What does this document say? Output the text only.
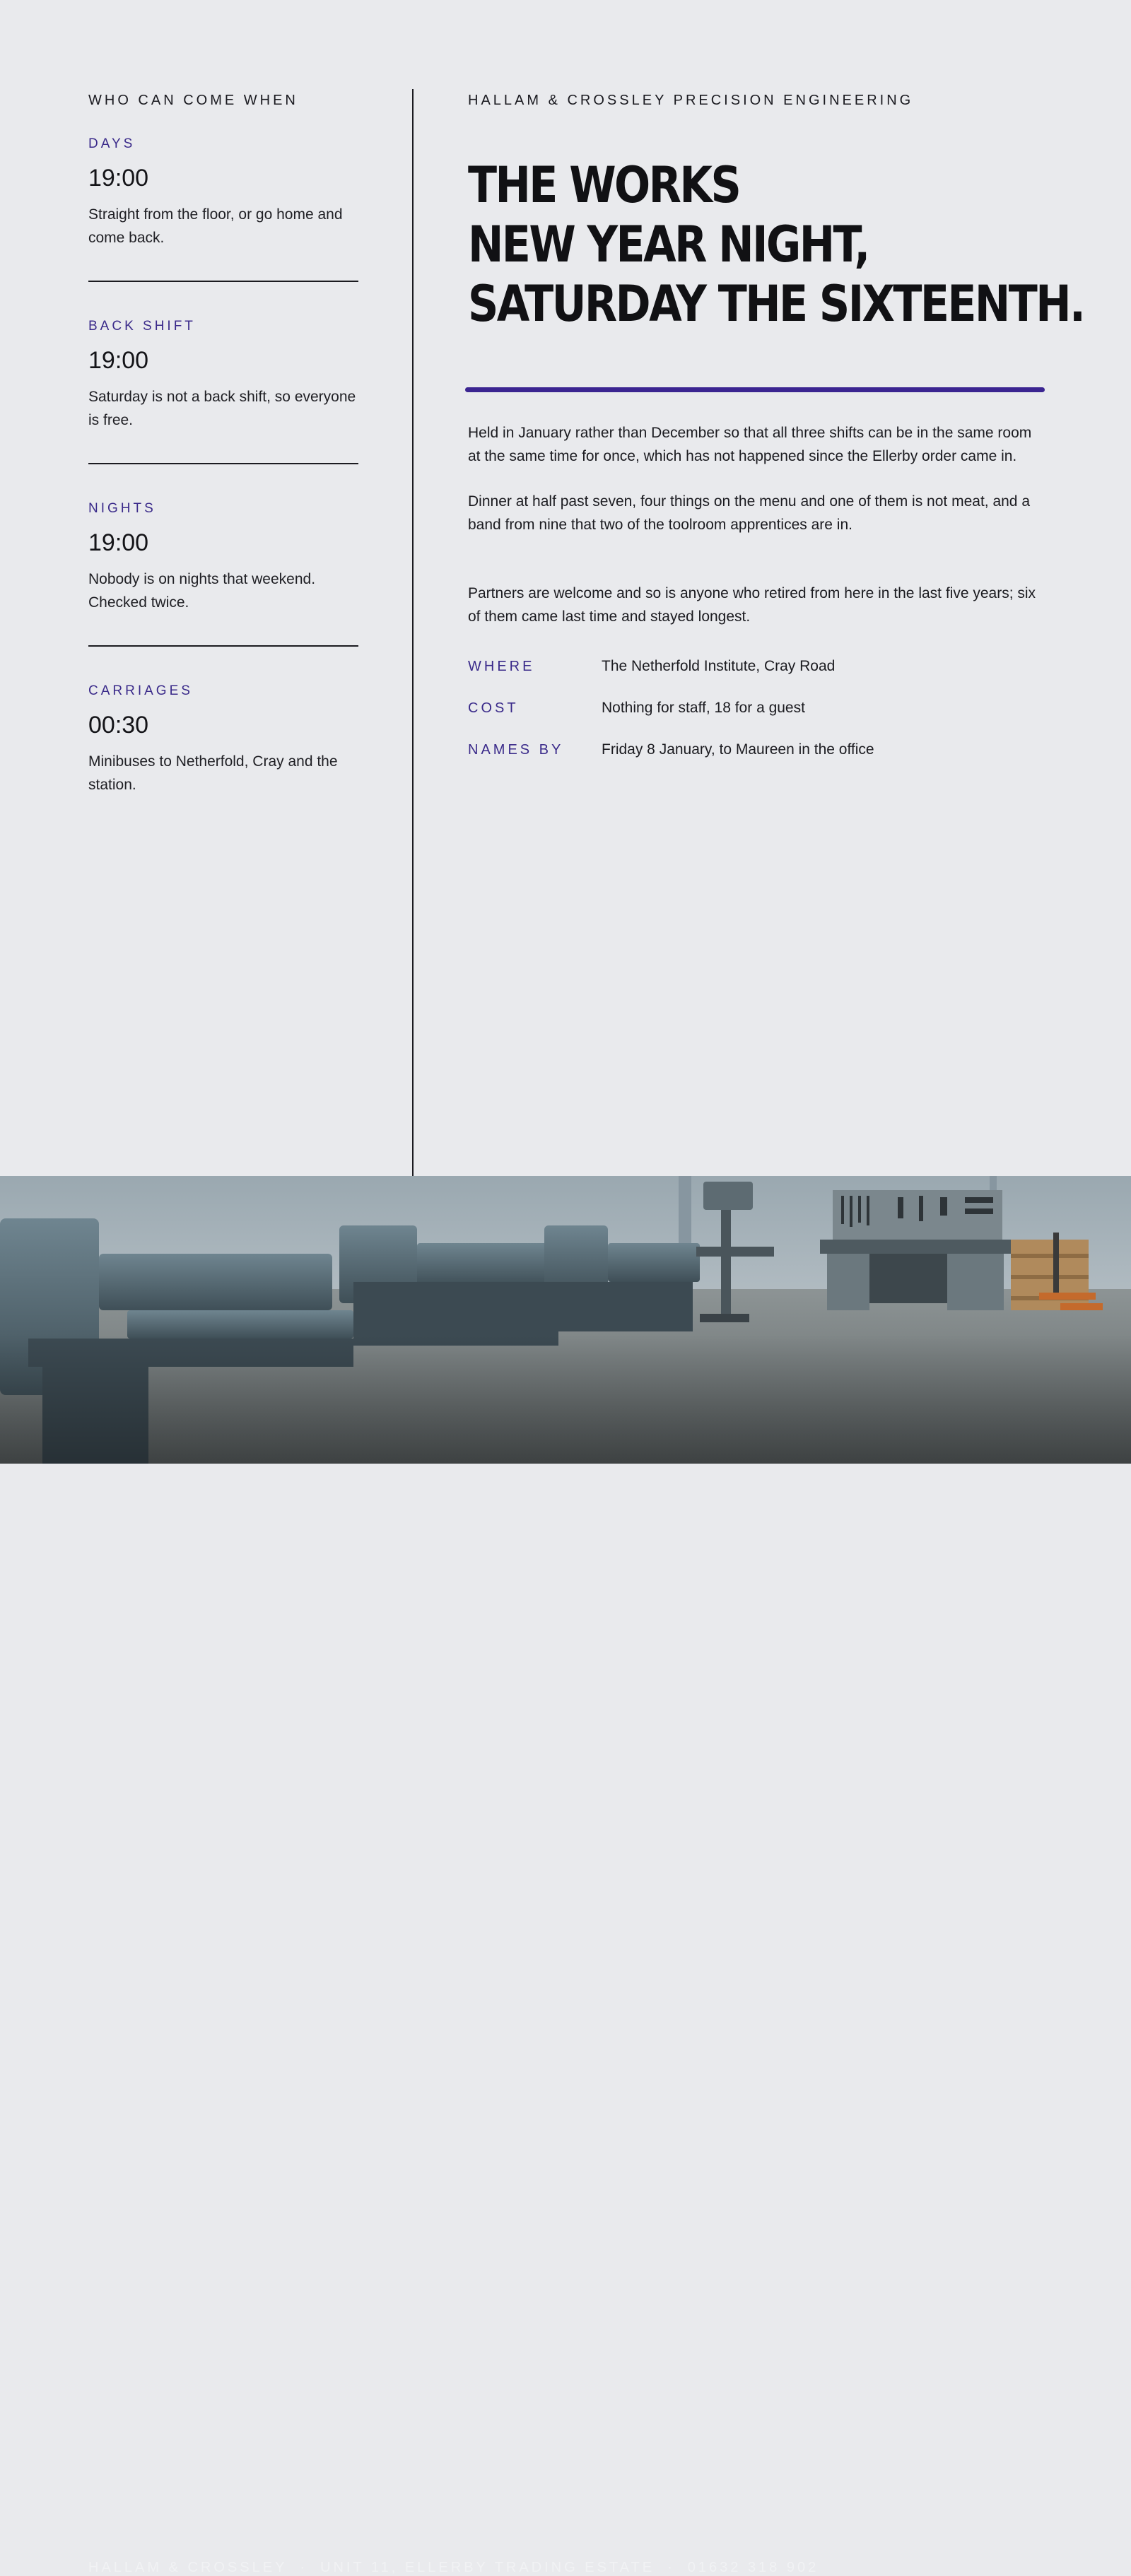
WHO CAN COME WHEN

DAYS

19:00

Straight from the floor, or go home and come back.

BACK SHIFT

19:00

Saturday is not a back shift, so everyone is free.

NIGHTS

19:00

Nobody is on nights that weekend. Checked twice.

CARRIAGES

00:30

Minibuses to Netherfold, Cray and the station.

HALLAM & CROSSLEY PRECISION ENGINEERING

THE WORKS
NEW YEAR NIGHT,
SATURDAY THE SIXTEENTH.

Held in January rather than December so that all three shifts can be in the same room at the same time for once, which has not happened since the Ellerby order came in.

Dinner at half past seven, four things on the menu and one of them is not meat, and a band from nine that two of the toolroom apprentices are in.

Partners are welcome and so is anyone who retired from here in the last five years; six of them came last time and stayed longest.

WHERE	The Netherfold Institute, Cray Road
COST	Nothing for staff, 18 for a guest
NAMES BY	Friday 8 January, to Maureen in the office
HALLAM & CROSSLEY · UNIT 11, ELLERBY TRADING ESTATE · 01632 318 902
